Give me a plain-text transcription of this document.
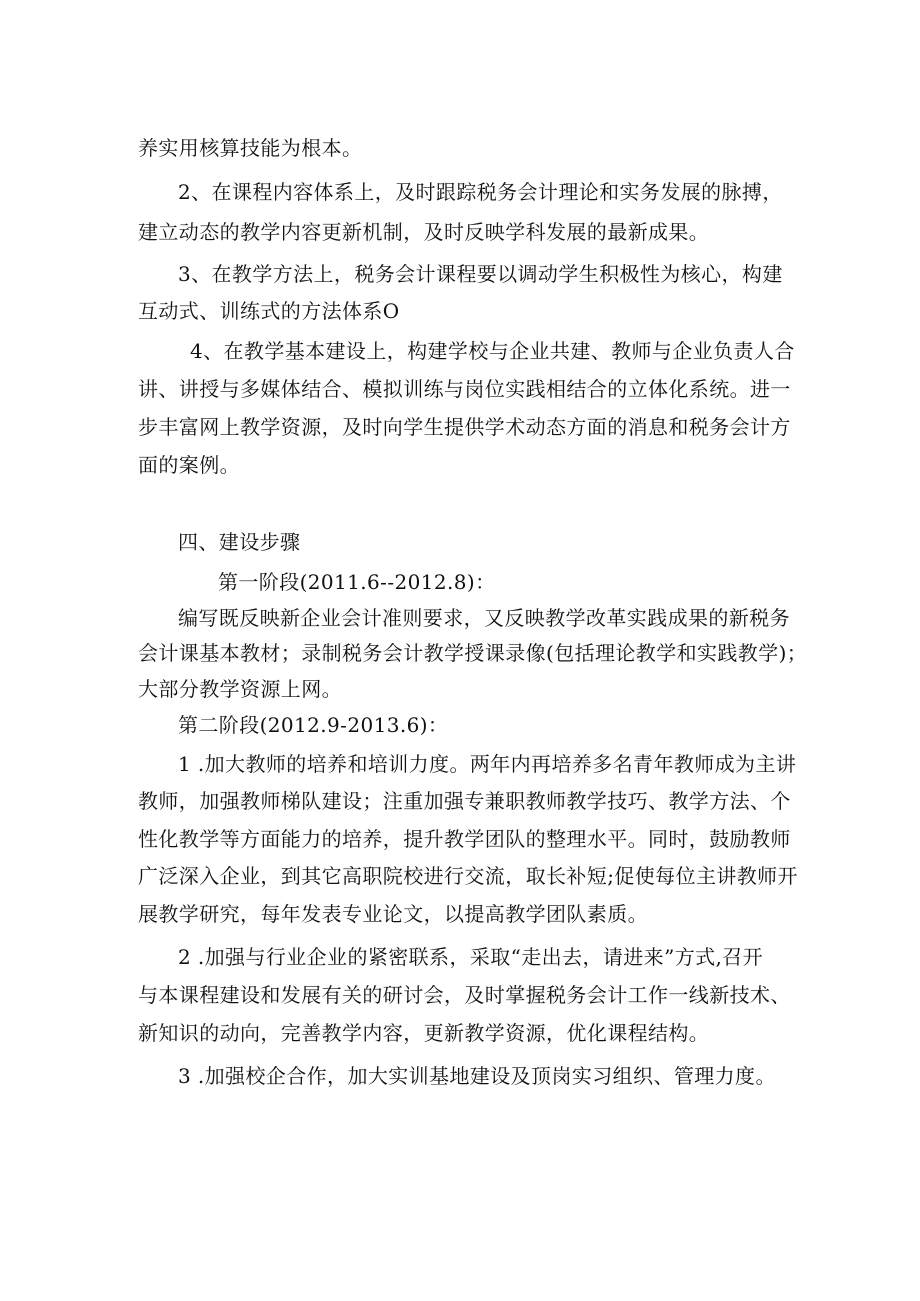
养实用核算技能为根本。
2、在课程内容体系上，及时跟踪税务会计理论和实务发展的脉搏，
建立动态的教学内容更新机制，及时反映学科发展的最新成果。
3、在教学方法上，税务会计课程要以调动学生积极性为核心，构建
互动式、训练式的方法体系O
4、在教学基本建设上，构建学校与企业共建、教师与企业负责人合
讲、讲授与多媒体结合、模拟训练与岗位实践相结合的立体化系统。进一
步丰富网上教学资源，及时向学生提供学术动态方面的消息和税务会计方
面的案例。
四、建设步骤
第一阶段(2011.6--2012.8)：
编写既反映新企业会计准则要求，又反映教学改革实践成果的新税务
会计课基本教材；录制税务会计教学授课录像(包括理论教学和实践教学)；
大部分教学资源上网。
第二阶段(2012.9-2013.6)：
1 .加大教师的培养和培训力度。两年内再培养多名青年教师成为主讲
教师，加强教师梯队建设；注重加强专兼职教师教学技巧、教学方法、个
性化教学等方面能力的培养，提升教学团队的整理水平。同时，鼓励教师
广泛深入企业，到其它高职院校进行交流，取长补短;促使每位主讲教师开
展教学研究，每年发表专业论文，以提高教学团队素质。
2 .加强与行业企业的紧密联系，采取“走出去，请进来”方式,召开
与本课程建设和发展有关的研讨会，及时掌握税务会计工作一线新技术、
新知识的动向，完善教学内容，更新教学资源，优化课程结构。
3 .加强校企合作，加大实训基地建设及顶岗实习组织、管理力度。
